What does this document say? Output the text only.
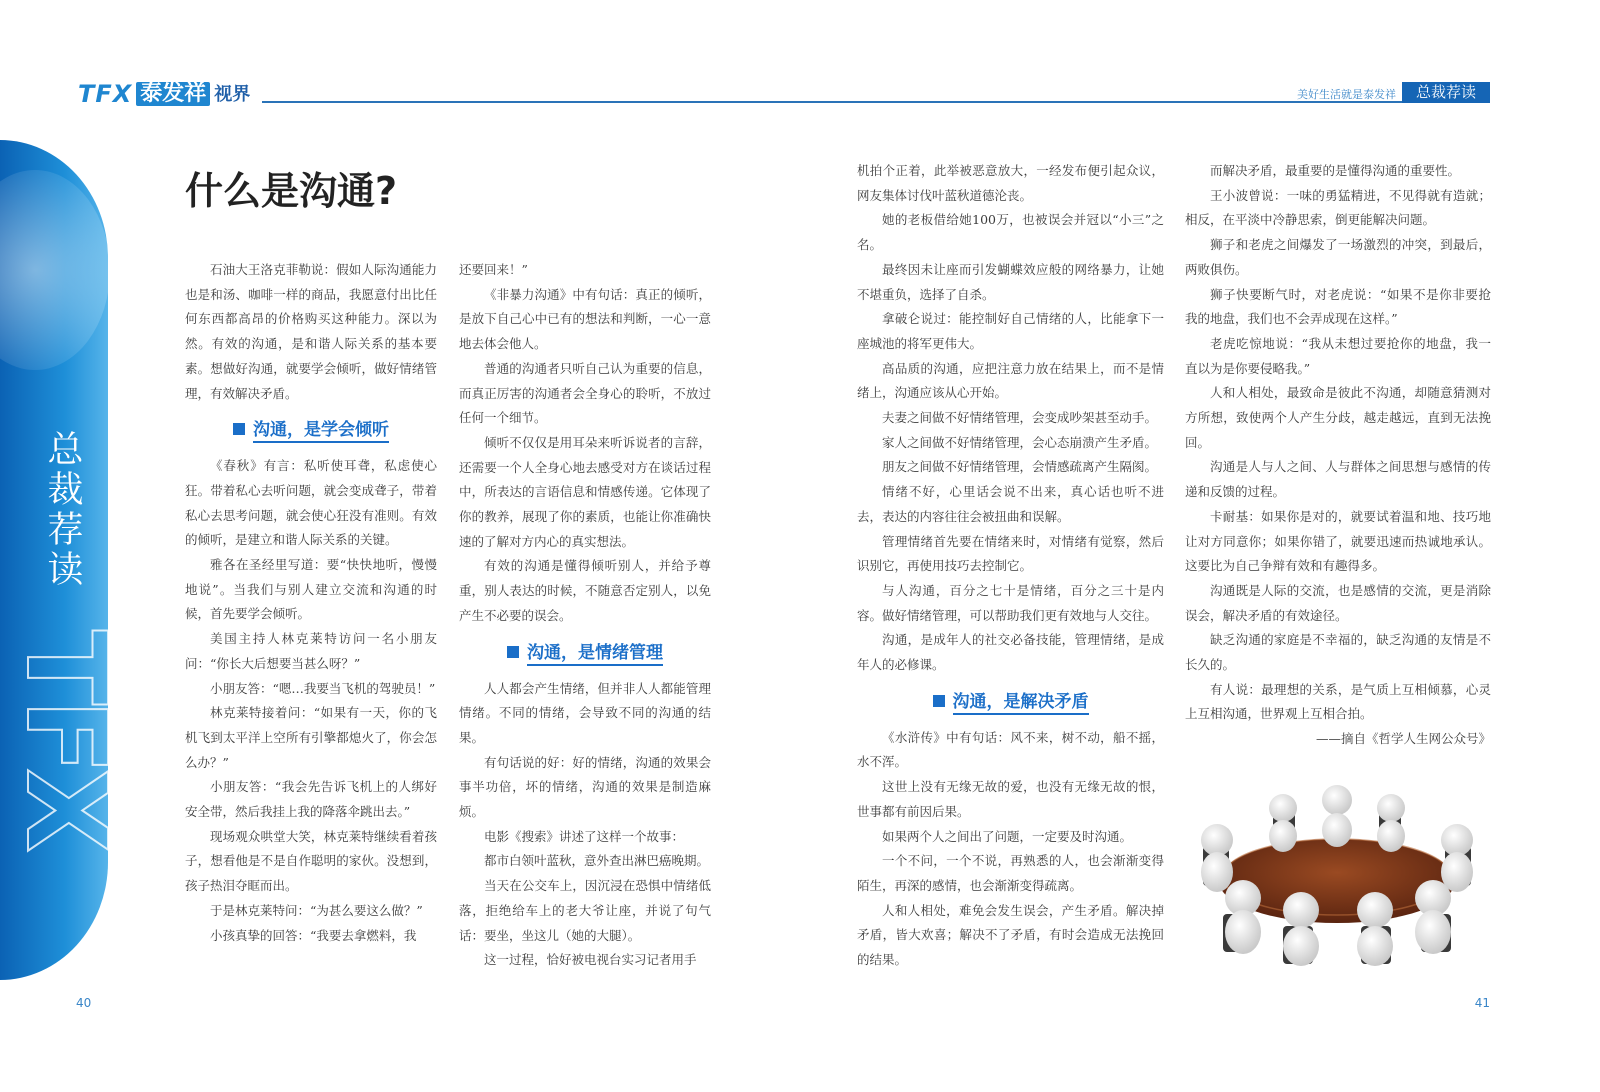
TFX 泰发祥 视界	美好生活就是泰发祥	总裁荐读
总裁荐读
TFX
什么是沟通?

石油大王洛克菲勒说：假如人际沟通能力也是和汤、咖啡一样的商品，我愿意付出比任何东西都高昂的价格购买这种能力。深以为然。有效的沟通，是和谐人际关系的基本要素。想做好沟通，就要学会倾听，做好情绪管理，有效解决矛盾。

沟通，是学会倾听

《春秋》有言：私听使耳聋，私虑使心狂。带着私心去听问题，就会变成聋子，带着私心去思考问题，就会使心狂没有准则。有效的倾听，是建立和谐人际关系的关键。

雅各在圣经里写道：要“快快地听，慢慢地说”。当我们与别人建立交流和沟通的时候，首先要学会倾听。

美国主持人林克莱特访问一名小朋友问：“你长大后想要当甚么呀？”

小朋友答：“嗯…我要当飞机的驾驶员！”

林克莱特接着问：“如果有一天，你的飞机飞到太平洋上空所有引擎都熄火了，你会怎么办？”

小朋友答：“我会先告诉飞机上的人绑好安全带，然后我挂上我的降落伞跳出去。”

现场观众哄堂大笑，林克莱特继续看着孩子，想看他是不是自作聪明的家伙。没想到，孩子热泪夺眶而出。

于是林克莱特问：“为甚么要这么做？”

小孩真挚的回答：“我要去拿燃料，我

还要回来！”

《非暴力沟通》中有句话：真正的倾听，是放下自己心中已有的想法和判断，一心一意地去体会他人。

普通的沟通者只听自己认为重要的信息，而真正厉害的沟通者会全身心的聆听，不放过任何一个细节。

倾听不仅仅是用耳朵来听诉说者的言辞，还需要一个人全身心地去感受对方在谈话过程中，所表达的言语信息和情感传递。它体现了你的教养，展现了你的素质，也能让你准确快速的了解对方内心的真实想法。

有效的沟通是懂得倾听别人，并给予尊重，别人表达的时候，不随意否定别人，以免产生不必要的误会。

沟通，是情绪管理

人人都会产生情绪，但并非人人都能管理情绪。不同的情绪，会导致不同的沟通的结果。

有句话说的好：好的情绪，沟通的效果会事半功倍，坏的情绪，沟通的效果是制造麻烦。

电影《搜索》讲述了这样一个故事：

都市白领叶蓝秋，意外查出淋巴癌晚期。

当天在公交车上，因沉浸在恐惧中情绪低落，拒绝给车上的老大爷让座，并说了句气话：要坐，坐这儿（她的大腿）。

这一过程，恰好被电视台实习记者用手

机拍个正着，此举被恶意放大，一经发布便引起众议，网友集体讨伐叶蓝秋道德沦丧。

她的老板借给她100万，也被误会并冠以“小三”之名。

最终因未让座而引发蝴蝶效应般的网络暴力，让她不堪重负，选择了自杀。

拿破仑说过：能控制好自己情绪的人，比能拿下一座城池的将军更伟大。

高品质的沟通，应把注意力放在结果上，而不是情绪上，沟通应该从心开始。

夫妻之间做不好情绪管理，会变成吵架甚至动手。

家人之间做不好情绪管理，会心态崩溃产生矛盾。

朋友之间做不好情绪管理，会情感疏离产生隔阂。

情绪不好，心里话会说不出来，真心话也听不进去，表达的内容往往会被扭曲和误解。

管理情绪首先要在情绪来时，对情绪有觉察，然后识别它，再使用技巧去控制它。

与人沟通，百分之七十是情绪，百分之三十是内容。做好情绪管理，可以帮助我们更有效地与人交往。

沟通，是成年人的社交必备技能，管理情绪，是成年人的必修课。

沟通，是解决矛盾

《水浒传》中有句话：风不来，树不动，船不摇，水不浑。

这世上没有无缘无故的爱，也没有无缘无故的恨，世事都有前因后果。

如果两个人之间出了问题，一定要及时沟通。

一个不问，一个不说，再熟悉的人，也会渐渐变得陌生，再深的感情，也会渐渐变得疏离。

人和人相处，难免会发生误会，产生矛盾。解决掉矛盾，皆大欢喜；解决不了矛盾，有时会造成无法挽回的结果。

而解决矛盾，最重要的是懂得沟通的重要性。

王小波曾说：一味的勇猛精进，不见得就有造就；相反，在平淡中冷静思索，倒更能解决问题。

狮子和老虎之间爆发了一场激烈的冲突，到最后，两败俱伤。

狮子快要断气时，对老虎说：“如果不是你非要抢我的地盘，我们也不会弄成现在这样。”

老虎吃惊地说：“我从未想过要抢你的地盘，我一直以为是你要侵略我。”

人和人相处，最致命是彼此不沟通，却随意猜测对方所想，致使两个人产生分歧，越走越远，直到无法挽回。

沟通是人与人之间、人与群体之间思想与感情的传递和反馈的过程。

卡耐基：如果你是对的，就要试着温和地、技巧地让对方同意你；如果你错了，就要迅速而热诚地承认。这要比为自己争辩有效和有趣得多。

沟通既是人际的交流，也是感情的交流，更是消除误会，解决矛盾的有效途径。

缺乏沟通的家庭是不幸福的，缺乏沟通的友情是不长久的。

有人说：最理想的关系，是气质上互相倾慕，心灵上互相沟通，世界观上互相合拍。

——摘自《哲学人生网公众号》

40	41
